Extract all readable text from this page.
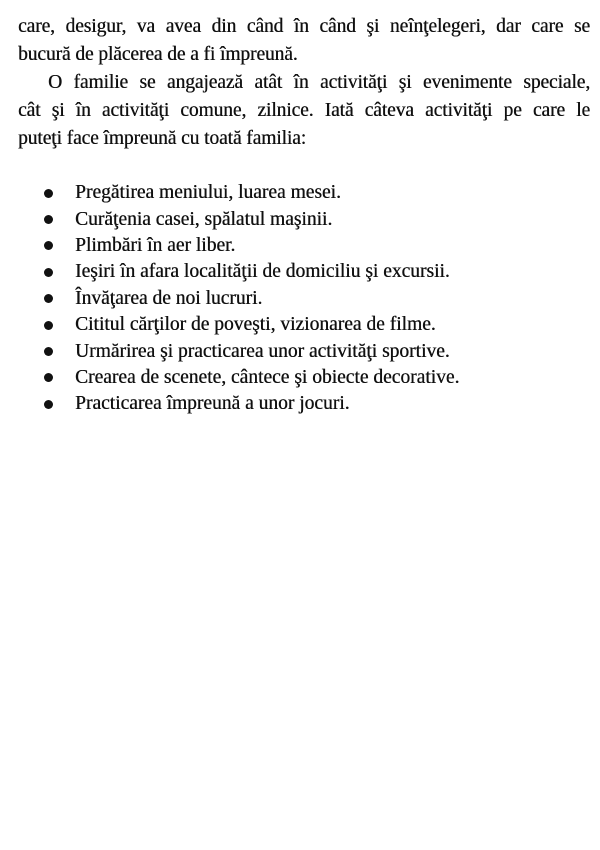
care, desigur, va avea din când în când şi neînţelegeri, dar care se
bucură de plăcerea de a fi împreună.
O familie se angajează atât în activităţi şi evenimente speciale,
cât şi în activităţi comune, zilnice. Iată câteva activităţi pe care le
puteţi face împreună cu toată familia:
Pregătirea meniului, luarea mesei.
Curăţenia casei, spălatul maşinii.
Plimbări în aer liber.
Ieşiri în afara localităţii de domiciliu şi excursii.
Învăţarea de noi lucruri.
Cititul cărţilor de poveşti, vizionarea de filme.
Urmărirea şi practicarea unor activităţi sportive.
Crearea de scenete, cântece şi obiecte decorative.
Practicarea împreună a unor jocuri.
